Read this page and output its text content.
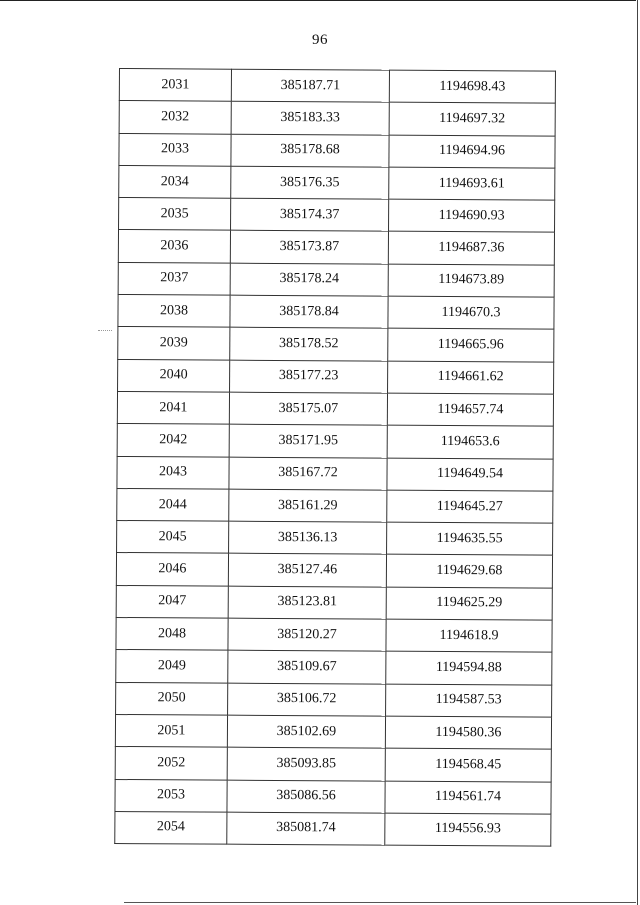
96
2031	385187.71	1194698.43
2032	385183.33	1194697.32
2033	385178.68	1194694.96
2034	385176.35	1194693.61
2035	385174.37	1194690.93
2036	385173.87	1194687.36
2037	385178.24	1194673.89
2038	385178.84	1194670.3
2039	385178.52	1194665.96
2040	385177.23	1194661.62
2041	385175.07	1194657.74
2042	385171.95	1194653.6
2043	385167.72	1194649.54
2044	385161.29	1194645.27
2045	385136.13	1194635.55
2046	385127.46	1194629.68
2047	385123.81	1194625.29
2048	385120.27	1194618.9
2049	385109.67	1194594.88
2050	385106.72	1194587.53
2051	385102.69	1194580.36
2052	385093.85	1194568.45
2053	385086.56	1194561.74
2054	385081.74	1194556.93
